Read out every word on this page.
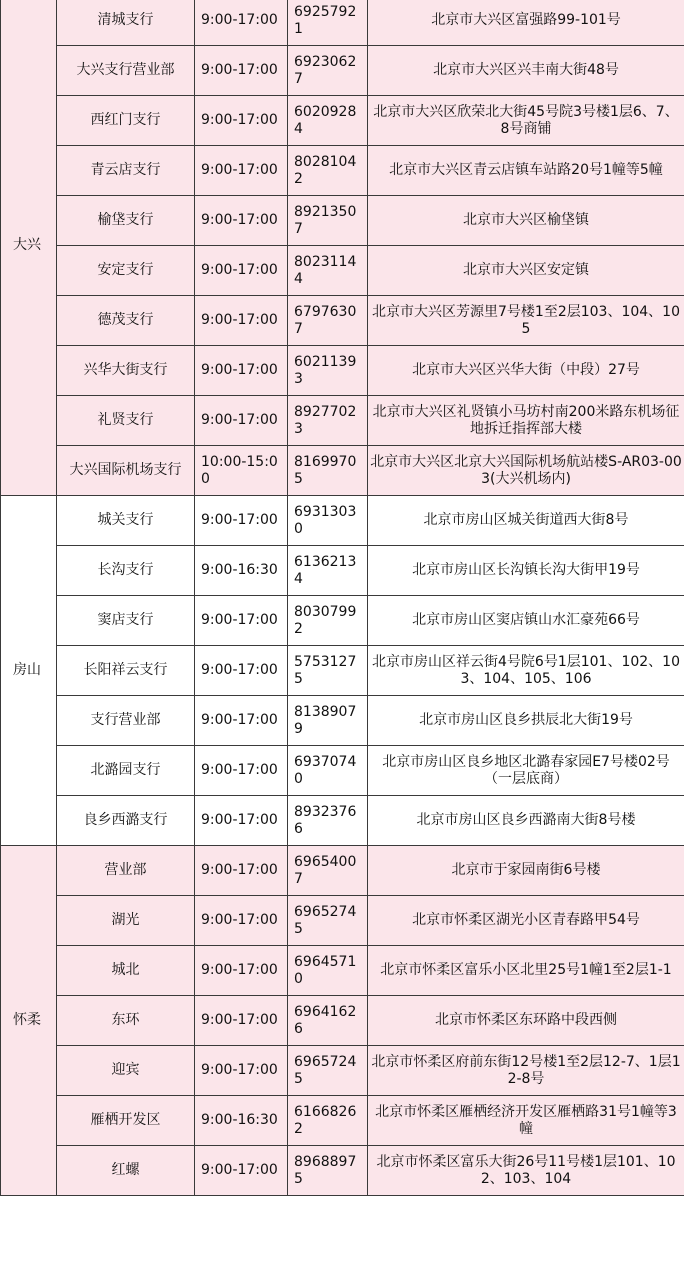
大兴	清城支行	9:00-17:00	69257921	北京市大兴区富强路99-101号
	大兴支行营业部	9:00-17:00	69230627	北京市大兴区兴丰南大街48号
	西红门支行	9:00-17:00	60209284	北京市大兴区欣荣北大街45号院3号楼1层6、7、8号商铺
	青云店支行	9:00-17:00	80281042	北京市大兴区青云店镇车站路20号1幢等5幢
	榆垡支行	9:00-17:00	89213507	北京市大兴区榆垡镇
	安定支行	9:00-17:00	80231144	北京市大兴区安定镇
	德茂支行	9:00-17:00	67976307	北京市大兴区芳源里7号楼1至2层103、104、105
	兴华大街支行	9:00-17:00	60211393	北京市大兴区兴华大街（中段）27号
	礼贤支行	9:00-17:00	89277023	北京市大兴区礼贤镇小马坊村南200米路东机场征地拆迁指挥部大楼
	大兴国际机场支行	10:00-15:00	81699705	北京市大兴区北京大兴国际机场航站楼S-AR03-003(大兴机场内)
房山	城关支行	9:00-17:00	69313030	北京市房山区城关街道西大街8号
	长沟支行	9:00-16:30	61362134	北京市房山区长沟镇长沟大街甲19号
	窦店支行	9:00-17:00	80307992	北京市房山区窦店镇山水汇豪苑66号
	长阳祥云支行	9:00-17:00	57531275	北京市房山区祥云街4号院6号1层101、102、103、104、105、106
	支行营业部	9:00-17:00	81389079	北京市房山区良乡拱辰北大街19号
	北潞园支行	9:00-17:00	69370740	北京市房山区良乡地区北潞春家园E7号楼02号（一层底商）
	良乡西潞支行	9:00-17:00	89323766	北京市房山区良乡西潞南大街8号楼
怀柔	营业部	9:00-17:00	69654007	北京市于家园南街6号楼
	湖光	9:00-17:00	69652745	北京市怀柔区湖光小区青春路甲54号
	城北	9:00-17:00	69645710	北京市怀柔区富乐小区北里25号1幢1至2层1-1
	东环	9:00-17:00	69641626	北京市怀柔区东环路中段西侧
	迎宾	9:00-17:00	69657245	北京市怀柔区府前东街12号楼1至2层12-7、1层12-8号
	雁栖开发区	9:00-16:30	61668262	北京市怀柔区雁栖经济开发区雁栖路31号1幢等3幢
	红螺	9:00-17:00	89688975	北京市怀柔区富乐大街26号11号楼1层101、102、103、104
